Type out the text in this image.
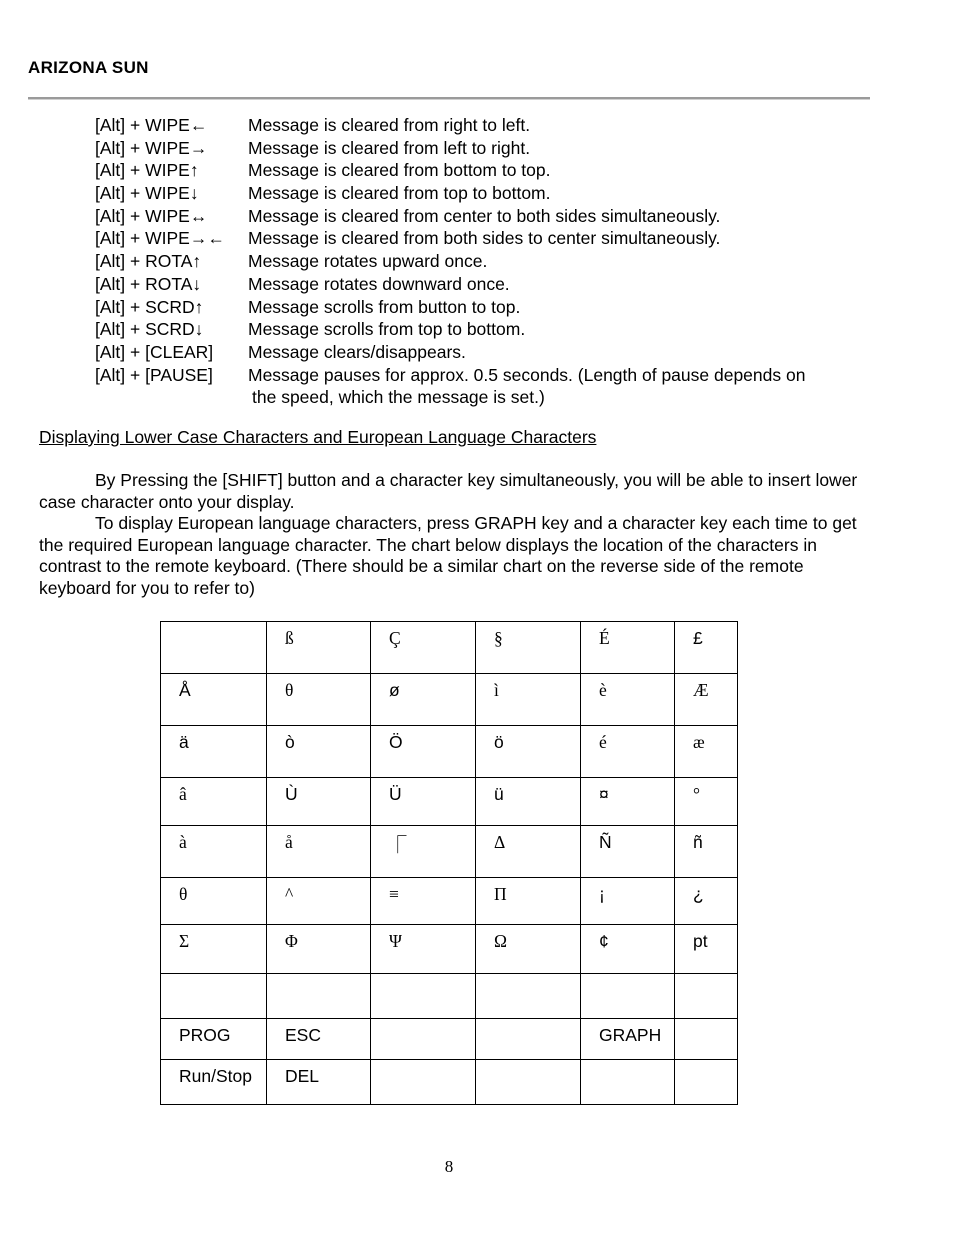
ARIZONA SUN
[Alt] + WIPE← Message is cleared from right to left.
[Alt] + WIPE→ Message is cleared from left to right.
[Alt] + WIPE↑	Message is cleared from bottom to top.
[Alt] + WIPE↓	Message is cleared from top to bottom.
[Alt] + WIPE↔ Message is cleared from center to both sides simultaneously.
[Alt] + WIPE→← Message is cleared from both sides to center simultaneously.
[Alt] + ROTA↑	Message rotates upward once.
[Alt] + ROTA↓	Message rotates downward once.
[Alt] + SCRD↑	Message scrolls from button to top.
[Alt] + SCRD↓	Message scrolls from top to bottom.
[Alt] + [CLEAR] Message clears/disappears.
[Alt] + [PAUSE] Message pauses for approx. 0.5 seconds. (Length of pause depends on
the speed, which the message is set.)
Displaying Lower Case Characters and European Language Characters
By Pressing the [SHIFT] button and a character key simultaneously, you will be able to insert lower case character onto your display.
To display European language characters, press GRAPH key and a character key each time to get the required European language character. The chart below displays the location of the characters in contrast to the remote keyboard. (There should be a similar chart on the reverse side of the remote keyboard for you to refer to)

	ß	Ç	§	É	£

Å	θ	ø	ì	è	Æ

ä	ò	Ö	ö	é	æ

â	Ù	Ü	ü	¤	°

à	å	⎾	Δ	Ñ	ñ

θ	^	≡	Π	¡	¿

Σ	Φ	Ψ	Ω	¢	pt

PROG	ESC			GRAPH	

Run/Stop	DEL				

8
